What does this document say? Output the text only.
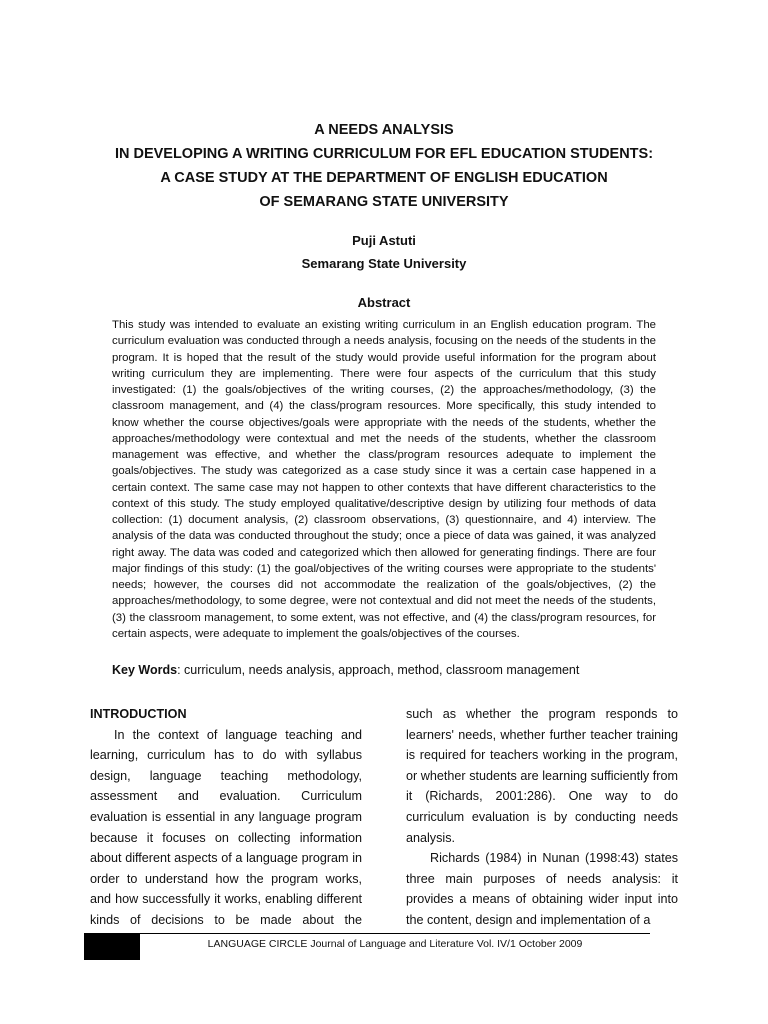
A NEEDS ANALYSIS
IN DEVELOPING A WRITING CURRICULUM FOR EFL EDUCATION STUDENTS:
A CASE STUDY AT THE DEPARTMENT OF ENGLISH EDUCATION
OF SEMARANG STATE UNIVERSITY
Puji Astuti
Semarang State University
Abstract
This study was intended to evaluate an existing writing curriculum in an English education program. The curriculum evaluation was conducted through a needs analysis, focusing on the needs of the students in the program. It is hoped that the result of the study would provide useful information for the program about writing curriculum they are implementing. There were four aspects of the curriculum that this study investigated: (1) the goals/objectives of the writing courses, (2) the approaches/methodology, (3) the classroom management, and (4) the class/program resources. More specifically, this study intended to know whether the course objectives/goals were appropriate with the needs of the students, whether the approaches/methodology were contextual and met the needs of the students, whether the classroom management was effective, and whether the class/program resources adequate to implement the goals/objectives. The study was categorized as a case study since it was a certain case happened in a certain context. The same case may not happen to other contexts that have different characteristics to the context of this study. The study employed qualitative/descriptive design by utilizing four methods of data collection: (1) document analysis, (2) classroom observations, (3) questionnaire, and 4) interview. The analysis of the data was conducted throughout the study; once a piece of data was gained, it was analyzed right away. The data was coded and categorized which then allowed for generating findings. There are four major findings of this study: (1) the goal/objectives of the writing courses were appropriate to the students' needs; however, the courses did not accommodate the realization of the goals/objectives, (2) the approaches/methodology, to some degree, were not contextual and did not meet the needs of the students, (3) the classroom management, to some extent, was not effective, and (4) the class/program resources, for certain aspects, were adequate to implement the goals/objectives of the courses.
Key Words: curriculum, needs analysis, approach, method, classroom management

INTRODUCTION

In the context of language teaching and learning, curriculum has to do with syllabus design, language teaching methodology, assessment and evaluation. Curriculum evaluation is essential in any language program because it focuses on collecting information about different aspects of a language program in order to understand how the program works, and how successfully it works, enabling different kinds of decisions to be made about the

such as whether the program responds to learners' needs, whether further teacher training is required for teachers working in the program, or whether students are learning sufficiently from it (Richards, 2001:286). One way to do curriculum evaluation is by conducting needs analysis.

Richards (1984) in Nunan (1998:43) states three main purposes of needs analysis: it provides a means of obtaining wider input into the content, design and implementation of a

LANGUAGE CIRCLE Journal of Language and Literature Vol. IV/1 October 2009
